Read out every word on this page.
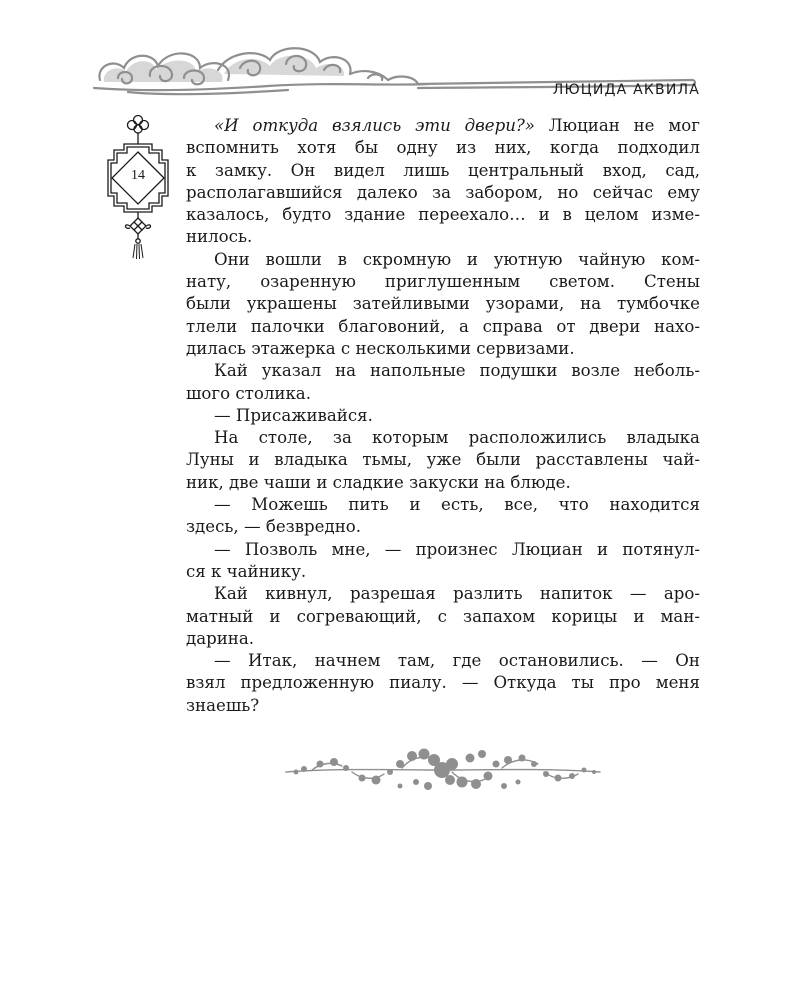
ЛЮЦИДА АКВИЛА
14
«И откуда взялись эти двери?» Люциан не мог
вспомнить хотя бы одну из них, когда подходил
к замку. Он видел лишь центральный вход, сад,
располагавшийся далеко за забором, но сейчас ему
казалось, будто здание переехало… и в целом изме-
нилось.
Они вошли в скромную и уютную чайную ком-
нату, озаренную приглушенным светом. Стены
были украшены затейливыми узорами, на тумбочке
тлели палочки благовоний, а справа от двери нахо-
дилась этажерка с несколькими сервизами.
Кай указал на напольные подушки возле неболь-
шого столика.
— Присаживайся.
На столе, за которым расположились владыка
Луны и владыка тьмы, уже были расставлены чай-
ник, две чаши и сладкие закуски на блюде.
— Можешь пить и есть, все, что находится
здесь, — безвредно.
— Позволь мне, — произнес Люциан и потянул-
ся к чайнику.
Кай кивнул, разрешая разлить напиток — аро-
матный и согревающий, с запахом корицы и ман-
дарина.
— Итак, начнем там, где остановились. — Он
взял предложенную пиалу. — Откуда ты про меня
знаешь?
